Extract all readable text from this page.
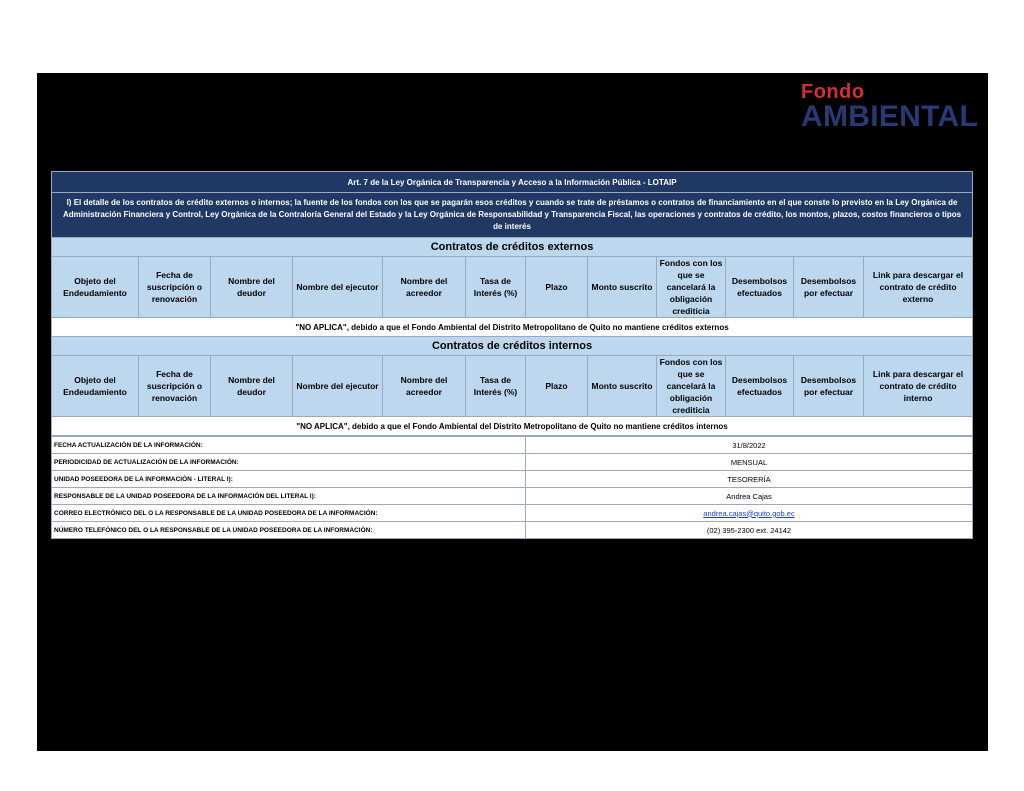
Fondo
AMBIENTAL
Art. 7 de la Ley Orgánica de Transparencia y Acceso a la Información Pública - LOTAIP											
l) El detalle de los contratos de crédito externos o internos; la fuente de los fondos con los que se pagarán esos créditos y cuando se trate de préstamos o contratos de financiamiento en el que conste lo previsto en la Ley Orgánica de Administración Financiera y Control, Ley Orgánica de la Contraloría General del Estado y la Ley Orgánica de Responsabilidad y Transparencia Fiscal, las operaciones y contratos de crédito, los montos, plazos, costos financieros o tipos de interés											
Contratos de créditos externos											
Objeto del Endeudamiento	Fecha de suscripción o renovación	Nombre del deudor	Nombre del ejecutor	Nombre del acreedor	Tasa de Interés (%)	Plazo	Monto suscrito	Fondos con los que se cancelará la obligación crediticia	Desembolsos efectuados	Desembolsos por efectuar	Link para descargar el contrato de crédito externo
"NO APLICA", debido a que el Fondo Ambiental del Distrito Metropolitano de Quito no mantiene créditos externos											
Contratos de créditos internos											
Objeto del Endeudamiento	Fecha de suscripción o renovación	Nombre del deudor	Nombre del ejecutor	Nombre del acreedor	Tasa de Interés (%)	Plazo	Monto suscrito	Fondos con los que se cancelará la obligación crediticia	Desembolsos efectuados	Desembolsos por efectuar	Link para descargar el contrato de crédito interno
"NO APLICA", debido a que el Fondo Ambiental del Distrito Metropolitano de Quito no mantiene créditos internos											
FECHA ACTUALIZACIÓN DE LA INFORMACIÓN:	31/8/2022
PERIODICIDAD DE ACTUALIZACIÓN DE LA INFORMACIÓN:	MENSUAL
UNIDAD POSEEDORA DE LA INFORMACIÓN - LITERAL l):	TESORERÍA
RESPONSABLE DE LA UNIDAD POSEEDORA DE LA INFORMACIÓN DEL LITERAL l):	Andrea Cajas
CORREO ELECTRÓNICO DEL O LA RESPONSABLE DE LA UNIDAD POSEEDORA DE LA INFORMACIÓN:	andrea.cajas@quito.gob.ec
NÚMERO TELEFÓNICO DEL O LA RESPONSABLE DE LA UNIDAD POSEEDORA DE LA INFORMACIÓN:	(02) 395-2300 ext. 24142
